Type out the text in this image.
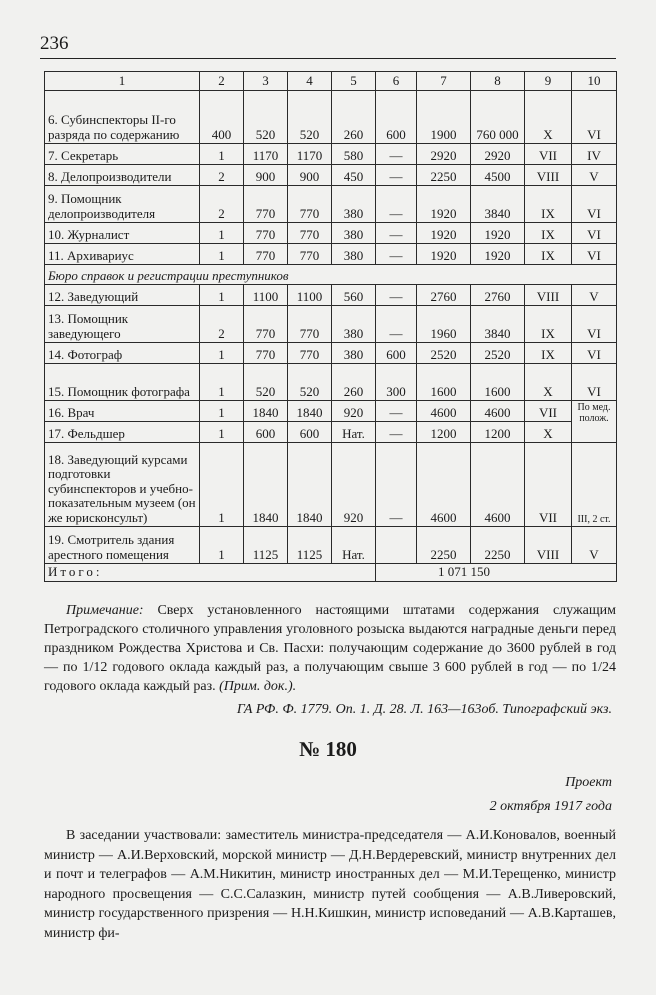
236
1	2	3	4	5	6	7	8	9	10
6. Субинспекторы II-го разряда по содержанию	400	520	520	260	600	1900	760 000	X	VI
7. Секретарь	1	1170	1170	580	—	2920	2920	VII	IV
8. Делопроизводители	2	900	900	450	—	2250	4500	VIII	V
9. Помощник делопроизводителя	2	770	770	380	—	1920	3840	IX	VI
10. Журналист	1	770	770	380	—	1920	1920	IX	VI
11. Архивариус	1	770	770	380	—	1920	1920	IX	VI
Бюро справок и регистрации преступников									
12. Заведующий	1	1100	1100	560	—	2760	2760	VIII	V
13. Помощник заведующего	2	770	770	380	—	1960	3840	IX	VI
14. Фотограф	1	770	770	380	600	2520	2520	IX	VI
15. Помощник фотографа	1	520	520	260	300	1600	1600	X	VI
16. Врач	1	1840	1840	920	—	4600	4600	VII	По мед. полож.
17. Фельдшер	1	600	600	Нат.	—	1200	1200	X	
18. Заведующий курсами подготовки субинспекторов и учебно-показательным музеем (он же юрисконсульт)	1	1840	1840	920	—	4600	4600	VII	III, 2 ст.
19. Смотритель здания арестного помещения	1	1125	1125	Нат.		2250	2250	VIII	V
Итого:					1 071 150				
Примечание: Сверх установленного настоящими штатами содержания служащим Петроградского столичного управления уголовного розыска выдаются наградные деньги перед праздником Рождества Христова и Св. Пасхи: получающим содержание до 3600 рублей в год — по 1/12 годового оклада каждый раз, а получающим свыше 3 600 рублей в год — по 1/24 годового оклада каждый раз. (Прим. док.).
ГА РФ. Ф. 1779. Оп. 1. Д. 28. Л. 163—163об. Типографский экз.
№ 180
Проект
2 октября 1917 года
В заседании участвовали: заместитель министра-председателя — А.И.Коновалов, военный министр — А.И.Верховский, морской министр — Д.Н.Вердеревский, министр внутренних дел и почт и телеграфов — А.М.Никитин, министр иностранных дел — М.И.Терещенко, министр народного просвещения — С.С.Салазкин, министр путей сообщения — А.В.Ливеровский, министр государственного призрения — Н.Н.Кишкин, министр исповеданий — А.В.Карташев, министр фи-
